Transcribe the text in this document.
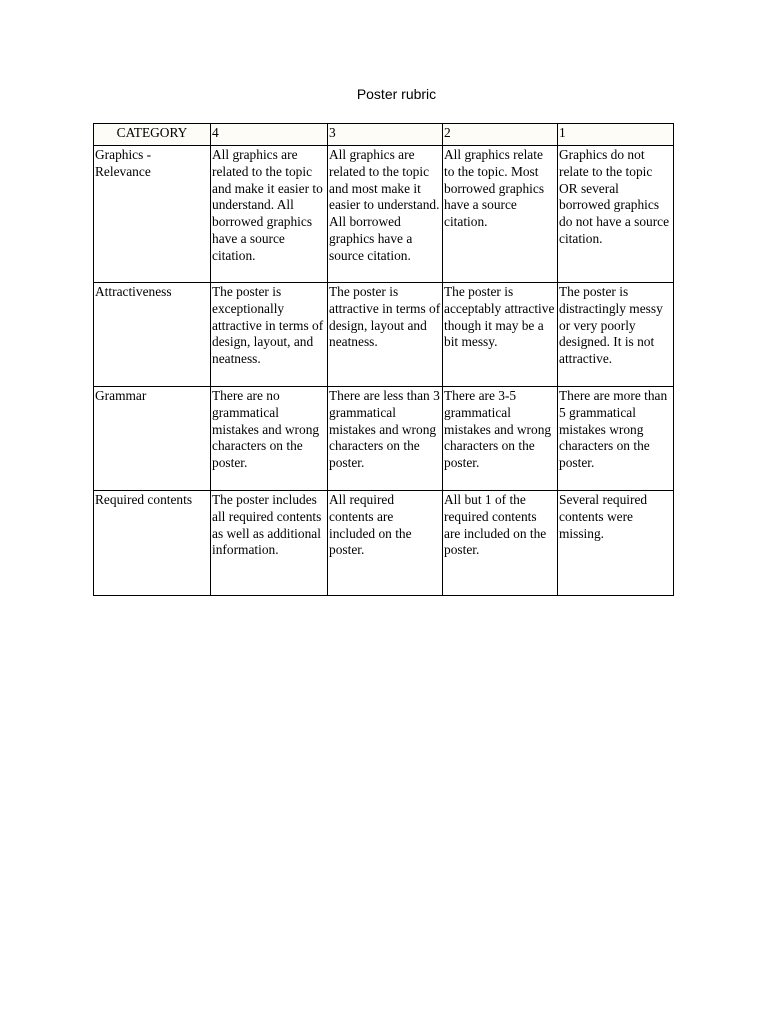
Poster rubric
CATEGORY	4	3	2	1
Graphics - Relevance	All graphics are related to the topic and make it easier to understand. All borrowed graphics have a source citation.	All graphics are related to the topic and most make it easier to understand. All borrowed graphics have a source citation.	All graphics relate to the topic. Most borrowed graphics have a source citation.	Graphics do not relate to the topic OR several borrowed graphics do not have a source citation.
Attractiveness	The poster is exceptionally attractive in terms of design, layout, and neatness.	The poster is attractive in terms of design, layout and neatness.	The poster is acceptably attractive though it may be a bit messy.	The poster is distractingly messy or very poorly designed. It is not attractive.
Grammar	There are no grammatical mistakes and wrong characters on the poster.	There are less than 3 grammatical mistakes and wrong characters on the poster.	There are 3-5 grammatical mistakes and wrong characters on the poster.	There are more than 5 grammatical mistakes wrong characters on the poster.
Required contents	The poster includes all required contents as well as additional information.	All required contents are included on the poster.	All but 1 of the required contents are included on the poster.	Several required contents were missing.
